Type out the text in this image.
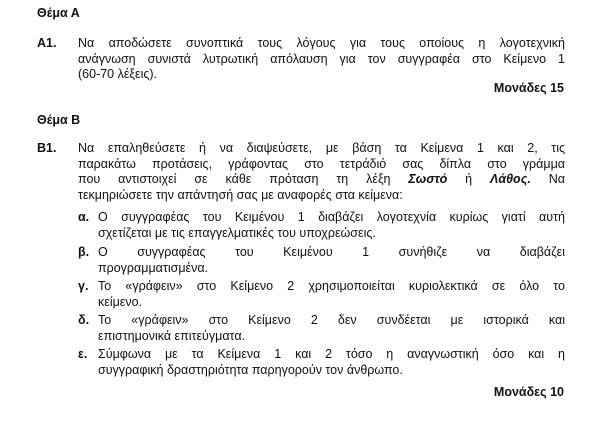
Θέμα Α
Α1. Να αποδώσετε συνοπτικά τους λόγους για τους οποίους η λογοτεχνική
ανάγνωση συνιστά λυτρωτική απόλαυση για τον συγγραφέα στο Κείμενο 1
(60-70 λέξεις).
Μονάδες 15
Θέμα Β
Β1. Να επαληθεύσετε ή να διαψεύσετε, με βάση τα Κείμενα 1 και 2, τις
παρακάτω προτάσεις, γράφοντας στο τετράδιό σας δίπλα στο γράμμα
που αντιστοιχεί σε κάθε πρόταση τη λέξη Σωστό ή Λάθος. Να
τεκμηριώσετε την απάντησή σας με αναφορές στα κείμενα:
α. Ο συγγραφέας του Κειμένου 1 διαβάζει λογοτεχνία κυρίως γιατί αυτή
σχετίζεται με τις επαγγελματικές του υποχρεώσεις.
β. Ο συγγραφέας του Κειμένου 1 συνήθιζε να διαβάζει
προγραμματισμένα.
γ. Το «γράφειν» στο Κείμενο 2 χρησιμοποιείται κυριολεκτικά σε όλο το
κείμενο.
δ. Το «γράφειν» στο Κείμενο 2 δεν συνδέεται με ιστορικά και
επιστημονικά επιτεύγματα.
ε. Σύμφωνα με τα Κείμενα 1 και 2 τόσο η αναγνωστική όσο και η
συγγραφική δραστηριότητα παρηγορούν τον άνθρωπο.
Μονάδες 10
